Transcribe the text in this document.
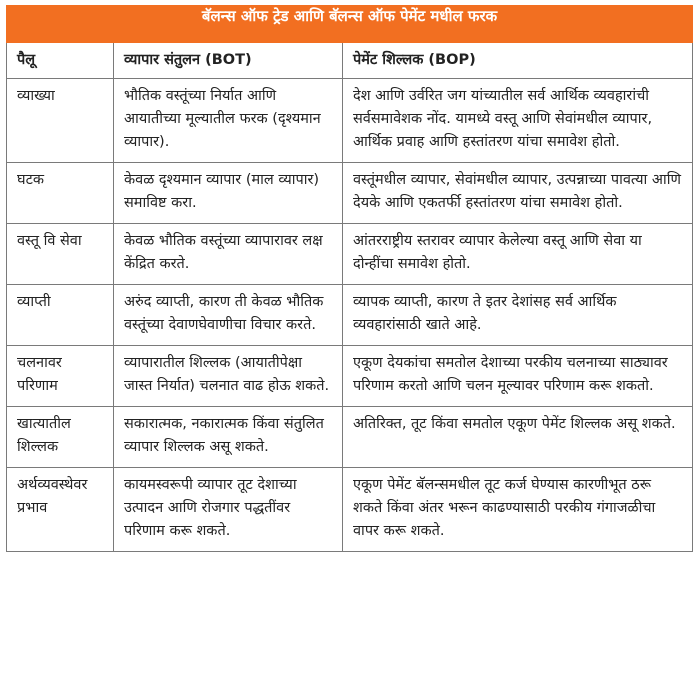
बॅलन्स ऑफ ट्रेड आणि बॅलन्स ऑफ पेमेंट मधील फरक		
पैलू	व्यापार संतुलन (BOT)	पेमेंट शिल्लक (BOP)
व्याख्या	भौतिक वस्तूंच्या निर्यात आणि आयातीच्या मूल्यातील फरक (दृश्यमान व्यापार).	देश आणि उर्वरित जग यांच्यातील सर्व आर्थिक व्यवहारांची सर्वसमावेशक नोंद. यामध्ये वस्तू आणि सेवांमधील व्यापार, आर्थिक प्रवाह आणि हस्तांतरण यांचा समावेश होतो.
घटक	केवळ दृश्यमान व्यापार (माल व्यापार) समाविष्ट करा.	वस्तूंमधील व्यापार, सेवांमधील व्यापार, उत्पन्नाच्या पावत्या आणि देयके आणि एकतर्फी हस्तांतरण यांचा समावेश होतो.
वस्तू वि सेवा	केवळ भौतिक वस्तूंच्या व्यापारावर लक्ष केंद्रित करते.	आंतरराष्ट्रीय स्तरावर व्यापार केलेल्या वस्तू आणि सेवा या दोन्हींचा समावेश होतो.
व्याप्ती	अरुंद व्याप्ती, कारण ती केवळ भौतिक वस्तूंच्या देवाणघेवाणीचा विचार करते.	व्यापक व्याप्ती, कारण ते इतर देशांसह सर्व आर्थिक व्यवहारांसाठी खाते आहे.
चलनावर परिणाम	व्यापारातील शिल्लक (आयातीपेक्षा जास्त निर्यात) चलनात वाढ होऊ शकते.	एकूण देयकांचा समतोल देशाच्या परकीय चलनाच्या साठ्यावर परिणाम करतो आणि चलन मूल्यावर परिणाम करू शकतो.
खात्यातील शिल्लक	सकारात्मक, नकारात्मक किंवा संतुलित व्यापार शिल्लक असू शकते.	अतिरिक्त, तूट किंवा समतोल एकूण पेमेंट शिल्लक असू शकते.
अर्थव्यवस्थेवर प्रभाव	कायमस्वरूपी व्यापार तूट देशाच्या उत्पादन आणि रोजगार पद्धतींवर परिणाम करू शकते.	एकूण पेमेंट बॅलन्समधील तूट कर्ज घेण्यास कारणीभूत ठरू शकते किंवा अंतर भरून काढण्यासाठी परकीय गंगाजळीचा वापर करू शकते.
